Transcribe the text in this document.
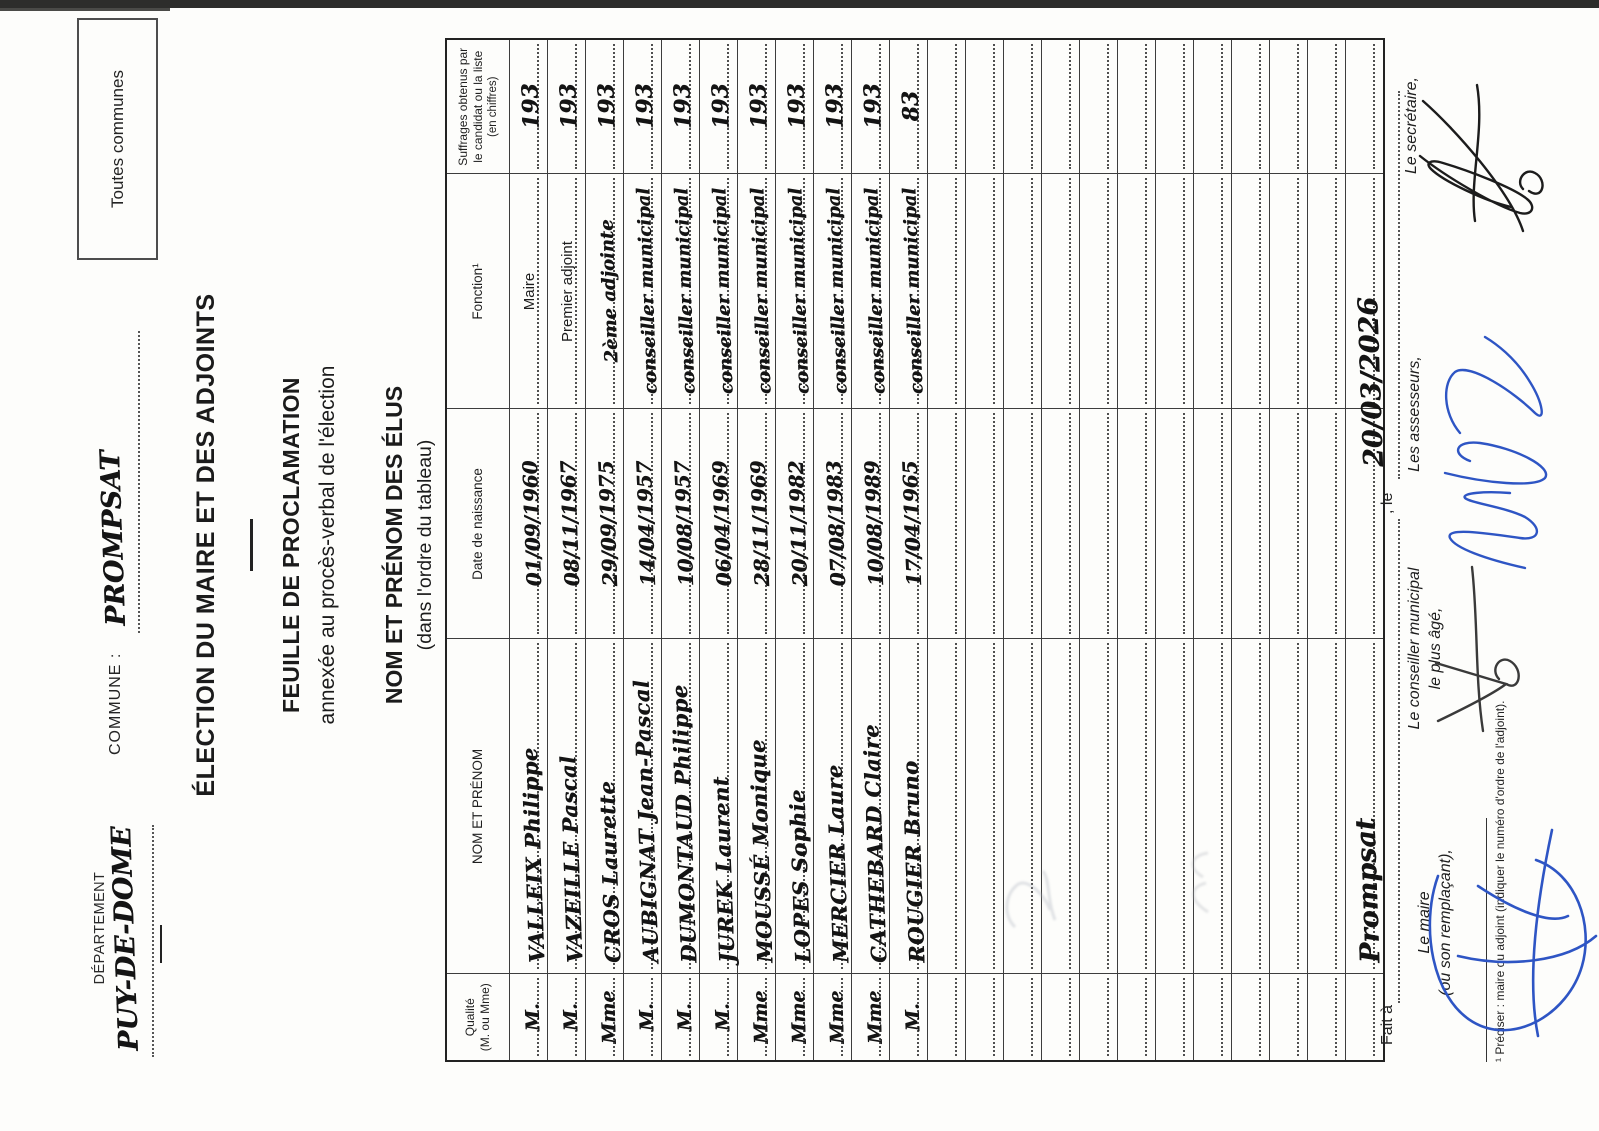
Toutes communes
DÉPARTEMENT
PUY-DE-DOME
COMMUNE :
PROMPSAT ÉLECTION DU MAIRE ET DES ADJOINTS	FEUILLE DE PROCLAMATION annexée au procès-verbal de l'élection NOM ET PRÉNOM DES ÉLUS (dans l'ordre du tableau)
Qualité (M. ou Mme)	NOM ET PRÉNOM	Date de naissance	Fonction¹	Suffrages obtenus par le candidat ou la liste (en chiffres)

M.	VALLEIX Philippe	01/09/1960	Maire	193

M.	VAZEILLE Pascal	08/11/1967	Premier adjoint	193

Mme	CROS Laurette	29/09/1975	2ème adjointe	193

M.	AUBIGNAT Jean-Pascal	14/04/1957	conseiller municipal	193

M.	DUMONTAUD Philippe	10/08/1957	conseiller municipal	193

M.	JUREK Laurent	06/04/1969	conseiller municipal	193

Mme	MOUSSÉ Monique	28/11/1969	conseiller municipal	193

Mme	LOPES Sophie	20/11/1982	conseiller municipal	193

Mme	MERCIER Laure	07/08/1983	conseiller municipal	193

Mme	CATHEBARD Claire	10/08/1989	conseiller municipal	193

M.	ROUGIER Bruno	17/04/1965	conseiller municipal	83

Fait à
, le
Prompsat
20/03/2026
Le maire (ou son remplaçant),
Le conseiller municipal le plus âgé,
Les assesseurs,
Le secrétaire,
¹ Préciser : maire ou adjoint (indiquer le numéro d'ordre de l'adjoint).
